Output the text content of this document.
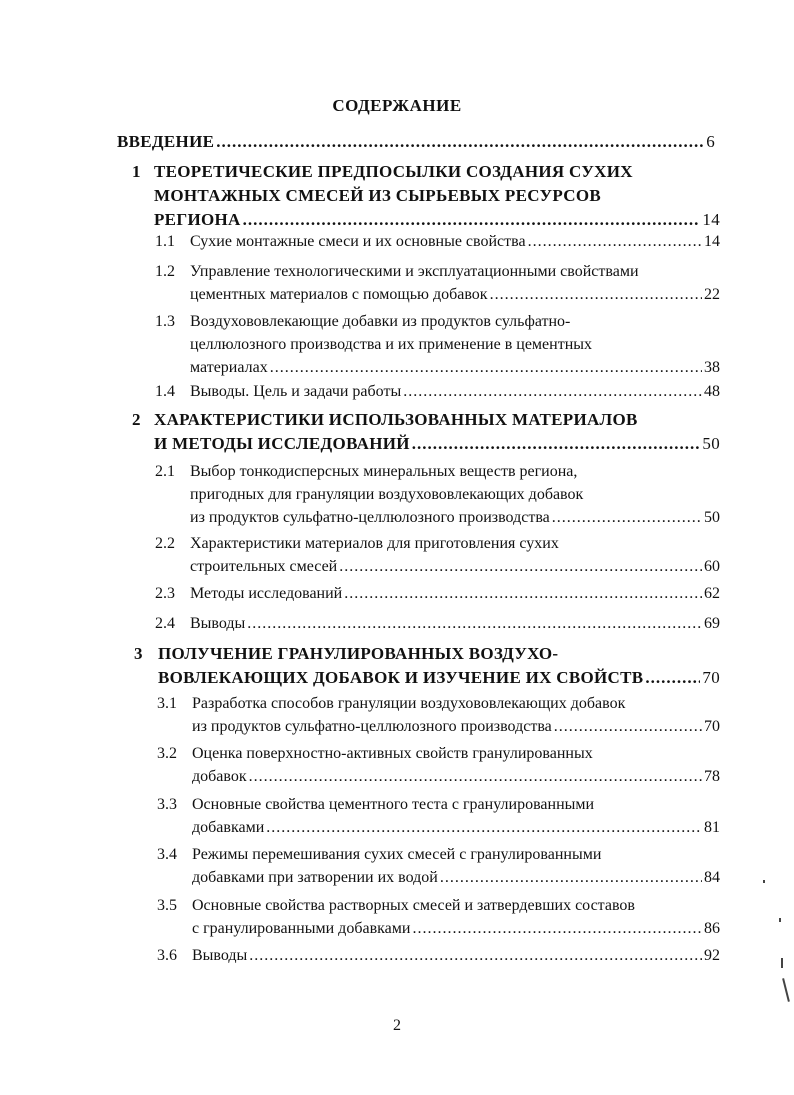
СОДЕРЖАНИЕ
ВВЕДЕНИЕ .....	6
1 ТЕОРЕТИЧЕСКИЕ ПРЕДПОСЫЛКИ СОЗДАНИЯ СУХИХ
МОНТАЖНЫХ СМЕСЕЙ ИЗ СЫРЬЕВЫХ РЕСУРСОВ
РЕГИОНА .....	14
1.1 Сухие монтажные смеси и их основные свойства .....	14
1.2 Управление технологическими и эксплуатационными свойствами
цементных материалов с помощью добавок .....	22
1.3 Воздухововлекающие добавки из продуктов сульфатно-
целлюлозного производства и их применение в цементных
материалах .....	38
1.4 Выводы. Цель и задачи работы .....	48
2 ХАРАКТЕРИСТИКИ ИСПОЛЬЗОВАННЫХ МАТЕРИАЛОВ
И МЕТОДЫ ИССЛЕДОВАНИЙ .....	50
2.1 Выбор тонкодисперсных минеральных веществ региона,
пригодных для грануляции воздухововлекающих добавок
из продуктов сульфатно-целлюлозного производства .....	50
2.2 Характеристики материалов для приготовления сухих
строительных смесей .....	60
2.3 Методы исследований .....	62
2.4 Выводы .....	69
3 ПОЛУЧЕНИЕ ГРАНУЛИРОВАННЫХ ВОЗДУХО-
ВОВЛЕКАЮЩИХ ДОБАВОК И ИЗУЧЕНИЕ ИХ СВОЙСТВ .....	70
3.1 Разработка способов грануляции воздухововлекающих добавок
из продуктов сульфатно-целлюлозного производства .....	70
3.2 Оценка поверхностно-активных свойств гранулированных
добавок .....	78
3.3 Основные свойства цементного теста с гранулированными
добавками .....	81
3.4 Режимы перемешивания сухих смесей с гранулированными
добавками при затворении их водой .....	84
3.5 Основные свойства растворных смесей и затвердевших составов
с гранулированными добавками .....	86
3.6 Выводы .....	92
2
